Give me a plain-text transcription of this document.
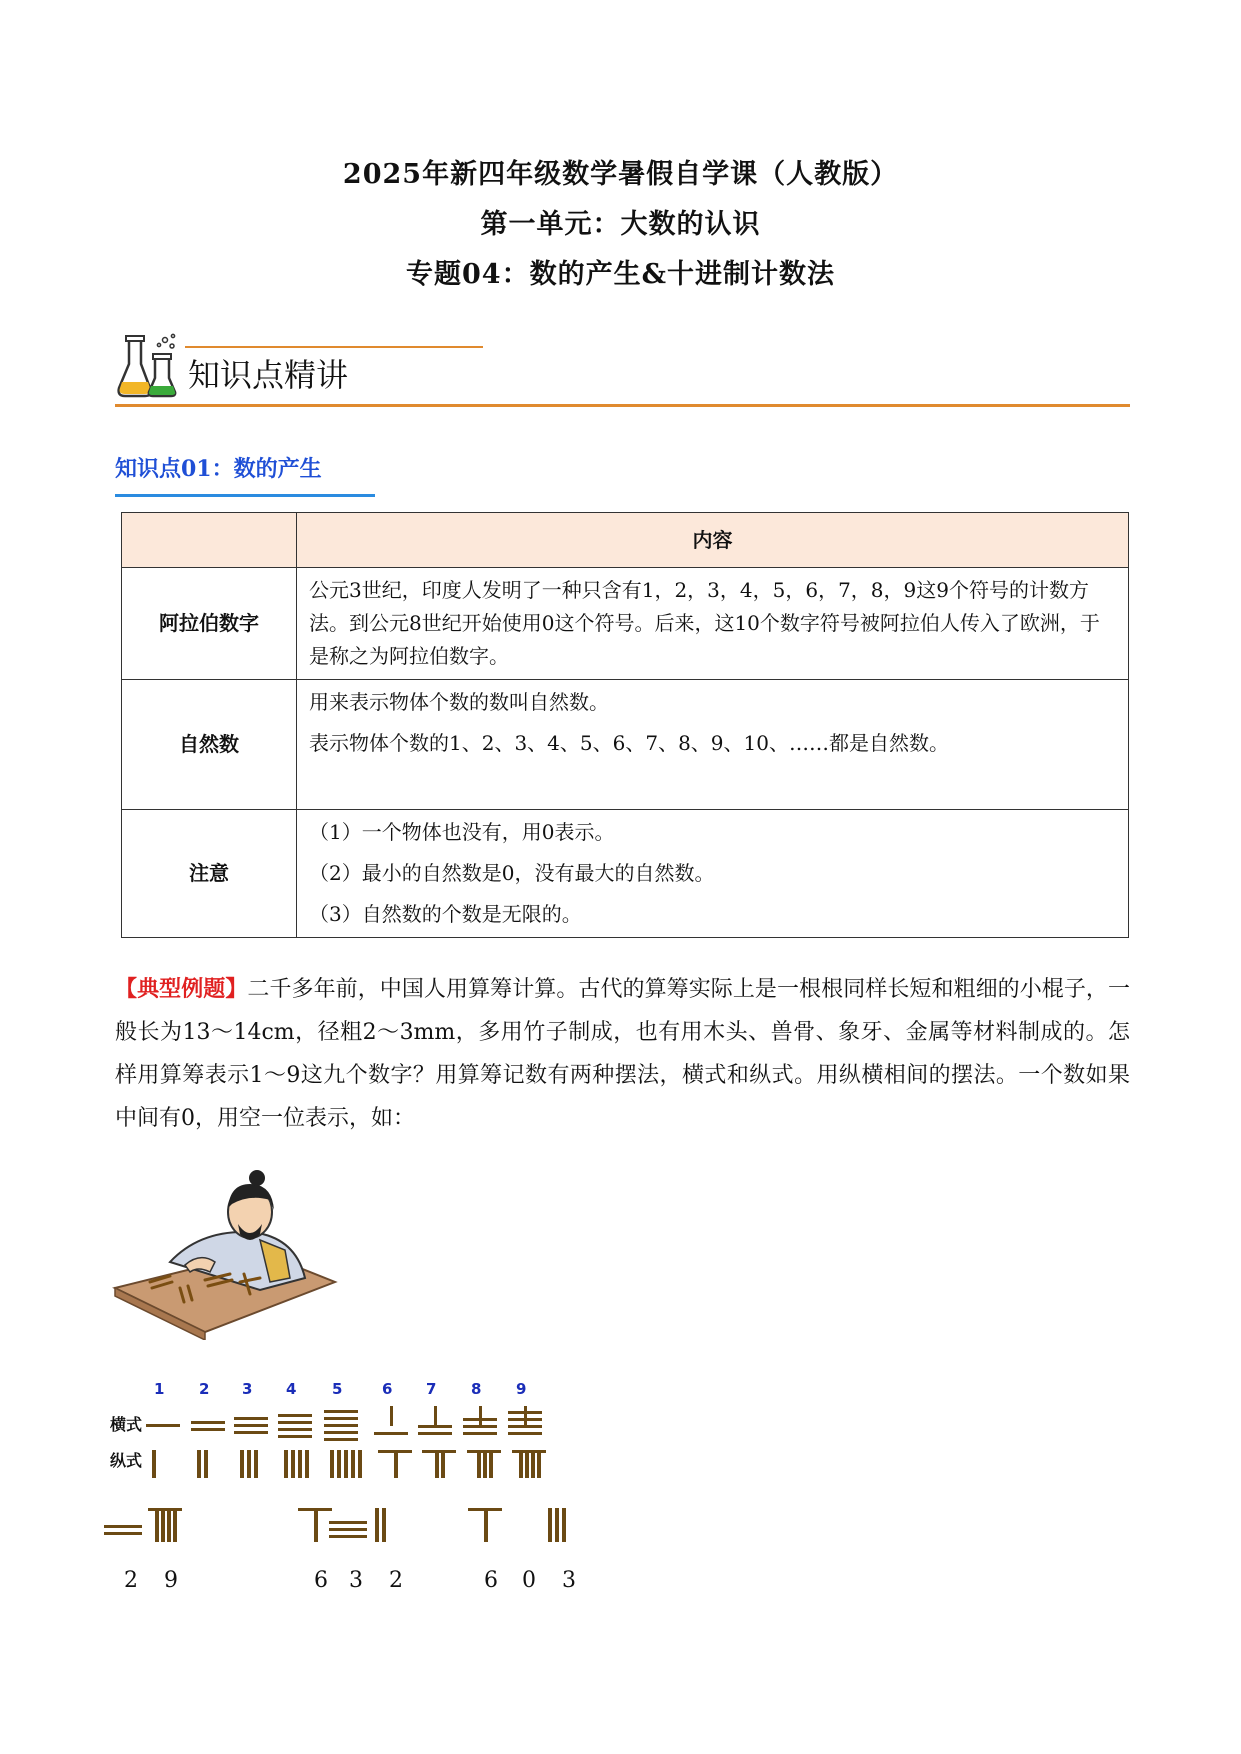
2025年新四年级数学暑假自学课（人教版）
第一单元：大数的认识
专题04：数的产生&十进制计数法
知识点精讲
知识点01：数的产生
	内容
阿拉伯数字	公元3世纪，印度人发明了一种只含有1，2，3，4，5，6，7，8，9这9个符号的计数方法。到公元8世纪开始使用0这个符号。后来，这10个数字符号被阿拉伯人传入了欧洲，于是称之为阿拉伯数字。

自然数	用来表示物体个数的数叫自然数。

表示物体个数的1、2、3、4、5、6、7、8、9、10、……都是自然数。

注意	（1）一个物体也没有，用0表示。

（2）最小的自然数是0，没有最大的自然数。

（3）自然数的个数是无限的。

【典型例题】二千多年前，中国人用算筹计算。古代的算筹实际上是一根根同样长短和粗细的小棍子，一般长为13～14cm，径粗2～3mm，多用竹子制成，也有用木头、兽骨、象牙、金属等材料制成的。怎样用算筹表示1～9这九个数字？用算筹记数有两种摆法，横式和纵式。用纵横相间的摆法。一个数如果中间有0，用空一位表示，如：
1 2 3 4 5	6 7 8 9
横式
纵式
2 9	6 3 2	6 0 3
